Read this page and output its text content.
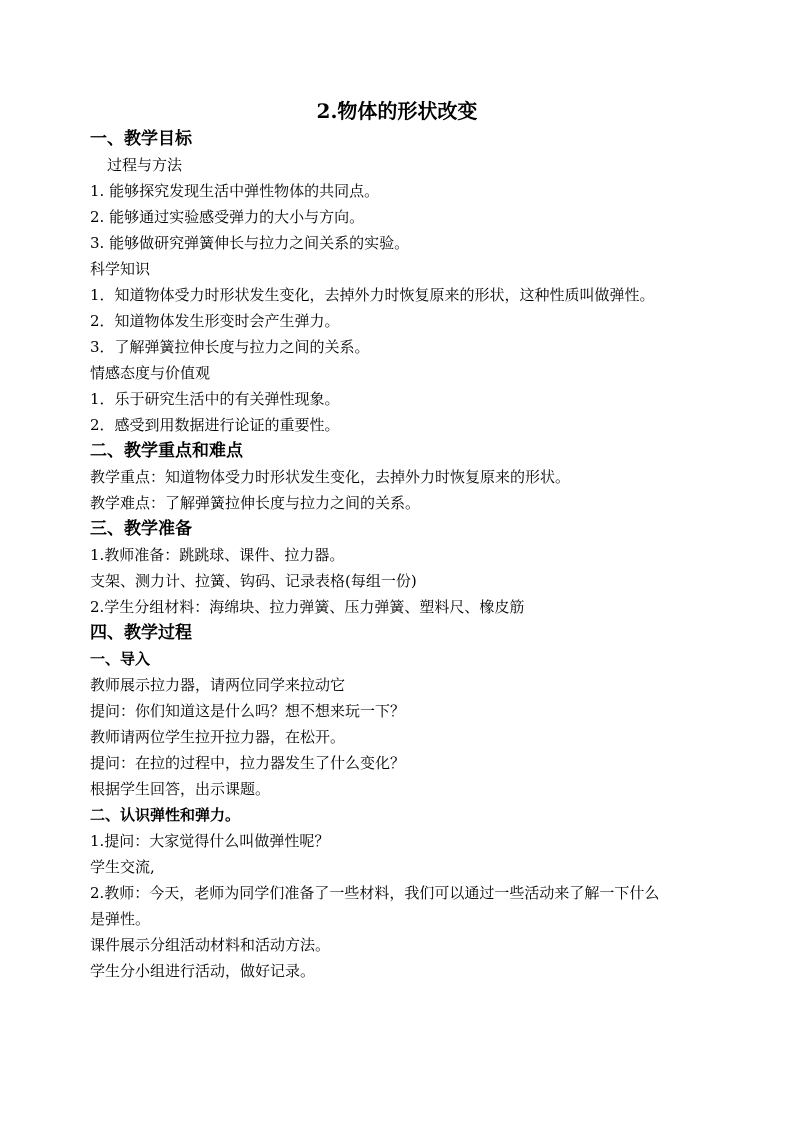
2.物体的形状改变
一、教学目标
过程与方法
1. 能够探究发现生活中弹性物体的共同点。
2. 能够通过实验感受弹力的大小与方向。
3. 能够做研究弹簧伸长与拉力之间关系的实验。
科学知识
1．知道物体受力时形状发生变化，去掉外力时恢复原来的形状，这种性质叫做弹性。
2．知道物体发生形变时会产生弹力。
3．了解弹簧拉伸长度与拉力之间的关系。
情感态度与价值观
1．乐于研究生活中的有关弹性现象。
2．感受到用数据进行论证的重要性。
二、教学重点和难点
教学重点：知道物体受力时形状发生变化，去掉外力时恢复原来的形状。
教学难点：了解弹簧拉伸长度与拉力之间的关系。
三、教学准备
1.教师准备：跳跳球、课件、拉力器。
支架、测力计、拉簧、钩码、记录表格(每组一份)
2.学生分组材料：海绵块、拉力弹簧、压力弹簧、塑料尺、橡皮筋
四、教学过程
一、导入
教师展示拉力器，请两位同学来拉动它
提问：你们知道这是什么吗？想不想来玩一下？
教师请两位学生拉开拉力器，在松开。
提问：在拉的过程中，拉力器发生了什么变化？
根据学生回答，出示课题。
二、认识弹性和弹力。
1.提问：大家觉得什么叫做弹性呢？
学生交流,
2.教师：今天，老师为同学们准备了一些材料，我们可以通过一些活动来了解一下什么
是弹性。
课件展示分组活动材料和活动方法。
学生分小组进行活动，做好记录。
